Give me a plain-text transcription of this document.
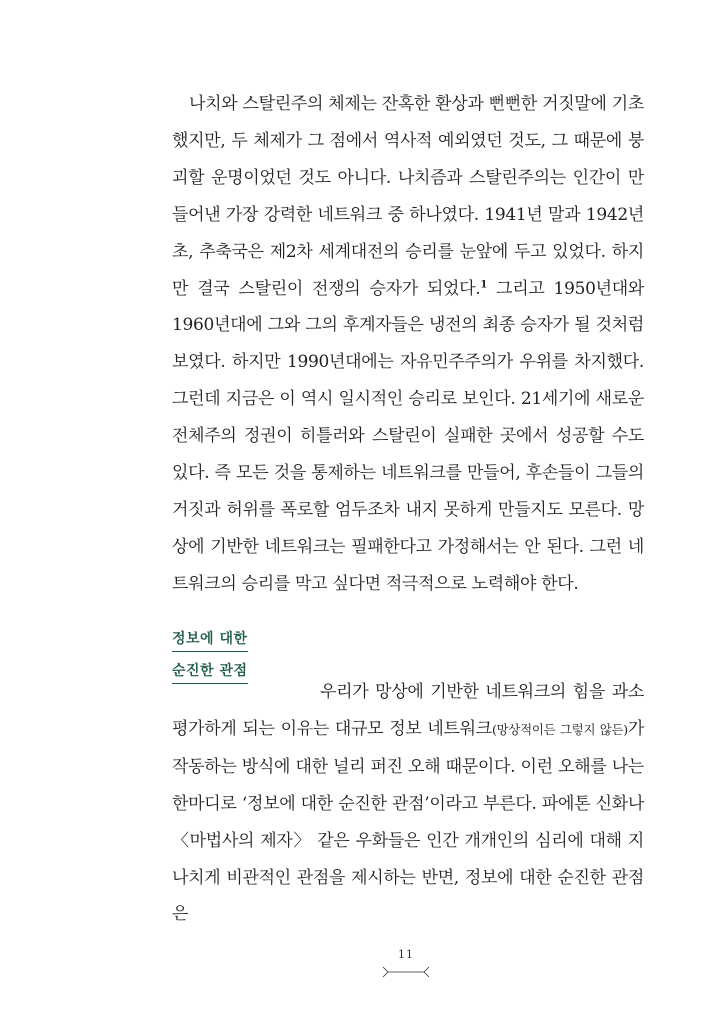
나치와 스탈린주의 체제는 잔혹한 환상과 뻔뻔한 거짓말에 기초했지만, 두 체제가 그 점에서 역사적 예외였던 것도, 그 때문에 붕괴할 운명이었던 것도 아니다. 나치즘과 스탈린주의는 인간이 만들어낸 가장 강력한 네트워크 중 하나였다. 1941년 말과 1942년 초, 추축국은 제2차 세계대전의 승리를 눈앞에 두고 있었다. 하지만 결국 스탈린이 전쟁의 승자가 되었다.$^1$ 그리고 1950년대와 1960년대에 그와 그의 후계자들은 냉전의 최종 승자가 될 것처럼 보였다. 하지만 1990년대에는 자유민주주의가 우위를 차지했다. 그런데 지금은 이 역시 일시적인 승리로 보인다. 21세기에 새로운 전체주의 정권이 히틀러와 스탈린이 실패한 곳에서 성공할 수도 있다. 즉 모든 것을 통제하는 네트워크를 만들어, 후손들이 그들의 거짓과 허위를 폭로할 엄두조차 내지 못하게 만들지도 모른다. 망상에 기반한 네트워크는 필패한다고 가정해서는 안 된다. 그런 네트워크의 승리를 막고 싶다면 적극적으로 노력해야 한다.

정보에 대한
순진한 관점

우리가 망상에 기반한 네트워크의 힘을 과소평가하게 되는 이유는 대규모 정보 네트워크(망상적이든 그렇지 않든)가 작동하는 방식에 대한 널리 퍼진 오해 때문이다. 이런 오해를 나는 한마디로 ‘정보에 대한 순진한 관점’이라고 부른다. 파에톤 신화나 〈마법사의 제자〉 같은 우화들은 인간 개개인의 심리에 대해 지나치게 비관적인 관점을 제시하는 반면, 정보에 대한 순진한 관점은

11
